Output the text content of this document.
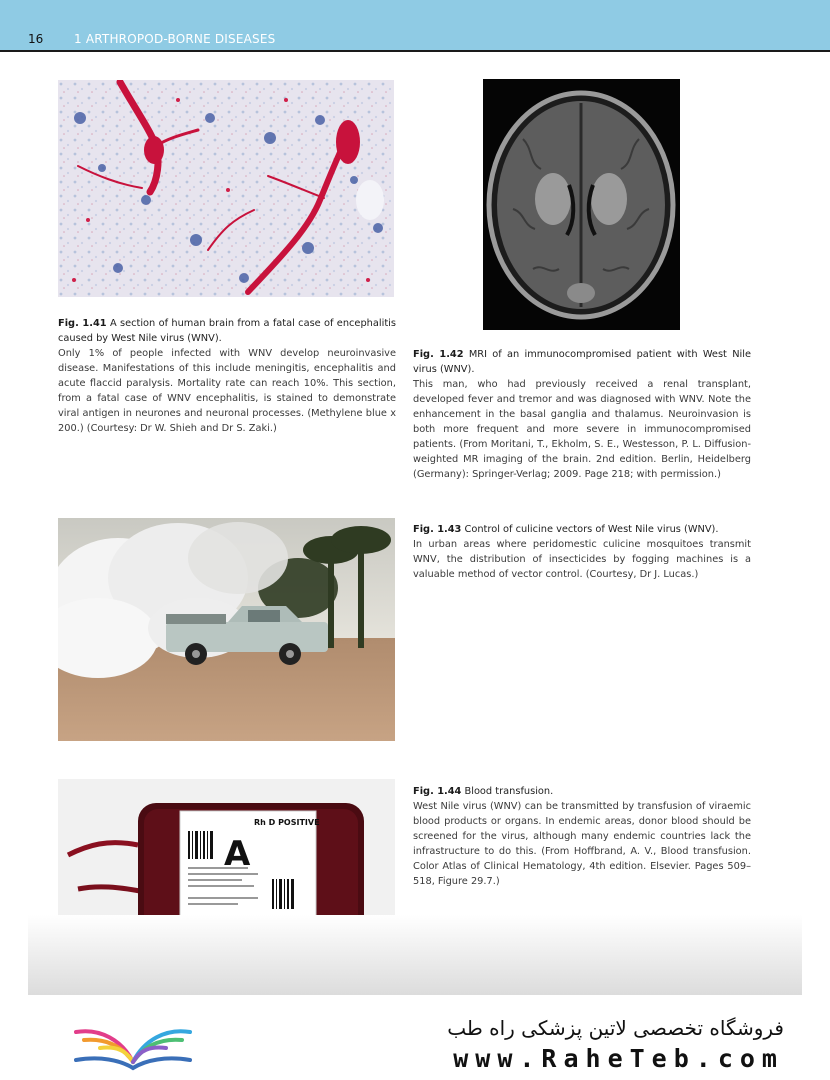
16	1 ARTHROPOD-BORNE DISEASES

Fig. 1.41 A section of human brain from a fatal case of encephalitis caused by West Nile virus (WNV).

Only 1% of people infected with WNV develop neuroinvasive disease. Manifestations of this include meningitis, encephalitis and acute flaccid paralysis. Mortality rate can reach 10%. This section, from a fatal case of WNV encephalitis, is stained to demonstrate viral antigen in neurones and neuronal processes. (Methylene blue x 200.) (Courtesy: Dr W. Shieh and Dr S. Zaki.)

Fig. 1.42 MRI of an immunocompromised patient with West Nile virus (WNV).

This man, who had previously received a renal transplant, developed fever and tremor and was diagnosed with WNV. Note the enhancement in the basal ganglia and thalamus. Neuroinvasion is both more frequent and more severe in immunocompromised patients. (From Moritani, T., Ekholm, S. E., Westesson, P. L. Diffusion-weighted MR imaging of the brain. 2nd edition. Berlin, Heidelberg (Germany): Springer-Verlag; 2009. Page 218; with permission.)

Fig. 1.43 Control of culicine vectors of West Nile virus (WNV).

In urban areas where peridomestic culicine mosquitoes transmit WNV, the distribution of insecticides by fogging machines is a valuable method of vector control. (Courtesy, Dr J. Lucas.)

A
Rh D POSITIVE

Fig. 1.44 Blood transfusion.

West Nile virus (WNV) can be transmitted by transfusion of viraemic blood products or organs. In endemic areas, donor blood should be screened for the virus, although many endemic countries lack the infrastructure to do this. (From Hoffbrand, A. V., Blood transfusion. Color Atlas of Clinical Hematology, 4th edition. Elsevier. Pages 509–518, Figure 29.7.)

فروشگاه تخصصی لاتین پزشکی راه طب
www.RaheTeb.com
